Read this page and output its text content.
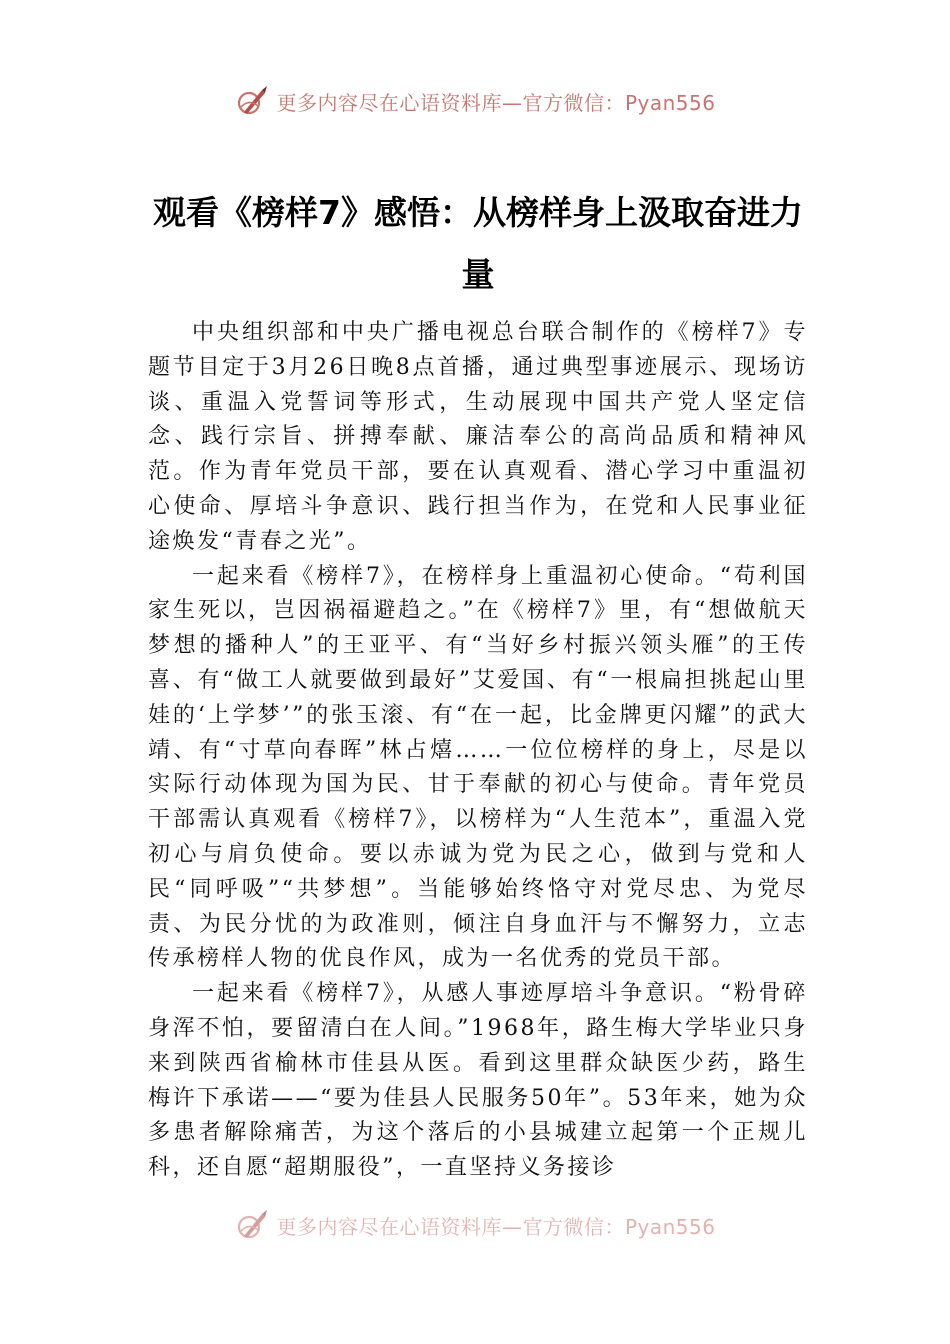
更多内容尽在心语资料库—官方微信：Pyan556
观看《榜样7》感悟：从榜样身上汲取奋进力量

中央组织部和中央广播电视总台联合制作的《榜样7》专题节目定于3月26日晚8点首播，通过典型事迹展示、现场访谈、重温入党誓词等形式，生动展现中国共产党人坚定信念、践行宗旨、拼搏奉献、廉洁奉公的高尚品质和精神风范。作为青年党员干部，要在认真观看、潜心学习中重温初心使命、厚培斗争意识、践行担当作为，在党和人民事业征途焕发“青春之光”。

一起来看《榜样7》，在榜样身上重温初心使命。“苟利国家生死以，岂因祸福避趋之。”在《榜样7》里，有“想做航天梦想的播种人”的王亚平、有“当好乡村振兴领头雁”的王传喜、有“做工人就要做到最好”艾爱国、有“一根扁担挑起山里娃的‘上学梦’”的张玉滚、有“在一起，比金牌更闪耀”的武大靖、有“寸草向春晖”林占熺……一位位榜样的身上，尽是以实际行动体现为国为民、甘于奉献的初心与使命。青年党员干部需认真观看《榜样7》，以榜样为“人生范本”，重温入党初心与肩负使命。要以赤诚为党为民之心，做到与党和人民“同呼吸”“共梦想”。当能够始终恪守对党尽忠、为党尽责、为民分忧的为政准则，倾注自身血汗与不懈努力，立志传承榜样人物的优良作风，成为一名优秀的党员干部。

一起来看《榜样7》，从感人事迹厚培斗争意识。“粉骨碎身浑不怕，要留清白在人间。”1968年，路生梅大学毕业只身来到陕西省榆林市佳县从医。看到这里群众缺医少药，路生梅许下承诺——“要为佳县人民服务50年”。53年来，她为众多患者解除痛苦，为这个落后的小县城建立起第一个正规儿科，还自愿“超期服役”，一直坚持义务接诊

更多内容尽在心语资料库—官方微信：Pyan556
